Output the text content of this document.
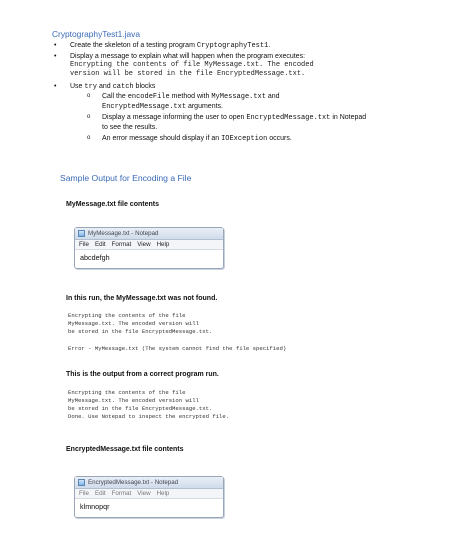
CryptographyTest1.java
• Create the skeleton of a testing program CryptographyTest1.
• Display a message to explain what will happen when the program executes:
Encrypting the contents of file MyMessage.txt. The encoded
version will be stored in the file EncryptedMessage.txt.
• Use try and catch blocks
o Call the encodeFile method with MyMessage.txt and
EncryptedMessage.txt arguments.
o Display a message informing the user to open EncryptedMessage.txt in Notepad
to see the results.
o An error message should display if an IOException occurs.
Sample Output for Encoding a File
MyMessage.txt file contents
MyMessage.txt - Notepad
File Edit Format View Help
abcdefgh
In this run, the MyMessage.txt was not found.
Encrypting the contents of the file
MyMessage.txt. The encoded version will
be stored in the file EncryptedMessage.txt.
Error - MyMessage.txt (The system cannot find the file specified)
This is the output from a correct program run.
Encrypting the contents of the file
MyMessage.txt. The encoded version will
be stored in the file EncryptedMessage.txt.
Done. Use Notepad to inspect the encrypted file.
EncryptedMessage.txt file contents
EncryptedMessage.txt - Notepad
File Edit Format View Help
klmnopqr
